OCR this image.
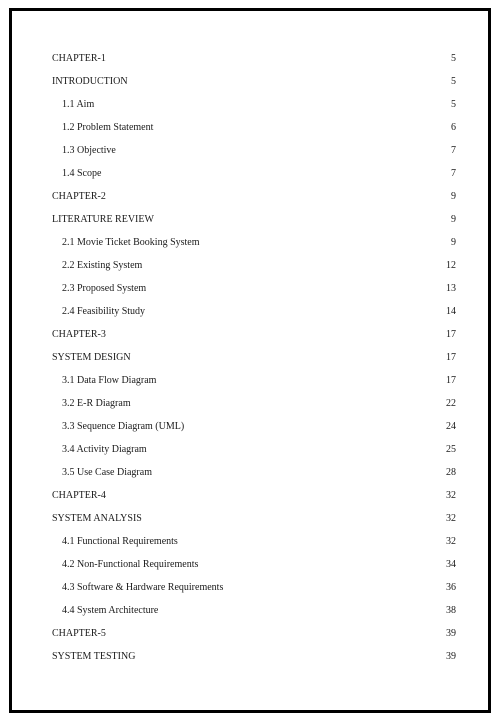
CHAPTER-1	5
INTRODUCTION	5
1.1 Aim	5
1.2 Problem Statement	6
1.3 Objective	7
1.4 Scope	7
CHAPTER-2	9
LITERATURE REVIEW	9
2.1 Movie Ticket Booking System	9
2.2 Existing System	12
2.3 Proposed System	13
2.4 Feasibility Study	14
CHAPTER-3	17
SYSTEM DESIGN	17
3.1 Data Flow Diagram	17
3.2 E-R Diagram	22
3.3 Sequence Diagram (UML)	24
3.4 Activity Diagram	25
3.5 Use Case Diagram	28
CHAPTER-4	32
SYSTEM ANALYSIS	32
4.1 Functional Requirements	32
4.2 Non-Functional Requirements	34
4.3 Software & Hardware Requirements	36
4.4 System Architecture	38
CHAPTER-5	39
SYSTEM TESTING	39
